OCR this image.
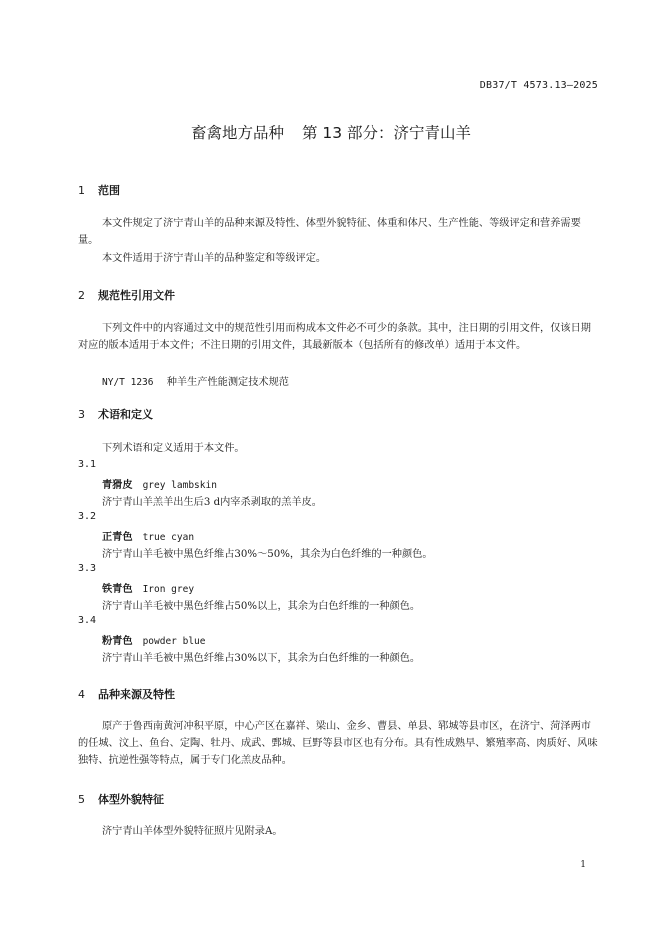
DB37/T 4573.13—2025
畜禽地方品种 第 13 部分：济宁青山羊
1 范围
本文件规定了济宁青山羊的品种来源及特性、体型外貌特征、体重和体尺、生产性能、等级评定和营养需要量。
本文件适用于济宁青山羊的品种鉴定和等级评定。
2 规范性引用文件
下列文件中的内容通过文中的规范性引用而构成本文件必不可少的条款。其中，注日期的引用文件，仅该日期对应的版本适用于本文件；不注日期的引用文件，其最新版本（包括所有的修改单）适用于本文件。
NY/T 1236 种羊生产性能测定技术规范
3 术语和定义
下列术语和定义适用于本文件。
3.1
青猾皮 grey lambskin
济宁青山羊羔羊出生后3 d内宰杀剥取的羔羊皮。
3.2
正青色 true cyan
济宁青山羊毛被中黑色纤维占30%～50%，其余为白色纤维的一种颜色。
3.3
铁青色 Iron grey
济宁青山羊毛被中黑色纤维占50%以上，其余为白色纤维的一种颜色。
3.4
粉青色 powder blue
济宁青山羊毛被中黑色纤维占30%以下，其余为白色纤维的一种颜色。
4 品种来源及特性
原产于鲁西南黄河冲积平原，中心产区在嘉祥、梁山、金乡、曹县、单县、郓城等县市区，在济宁、菏泽两市的任城、汶上、鱼台、定陶、牡丹、成武、鄄城、巨野等县市区也有分布。具有性成熟早、繁殖率高、肉质好、风味独特、抗逆性强等特点，属于专门化羔皮品种。
5 体型外貌特征
济宁青山羊体型外貌特征照片见附录A。
1
